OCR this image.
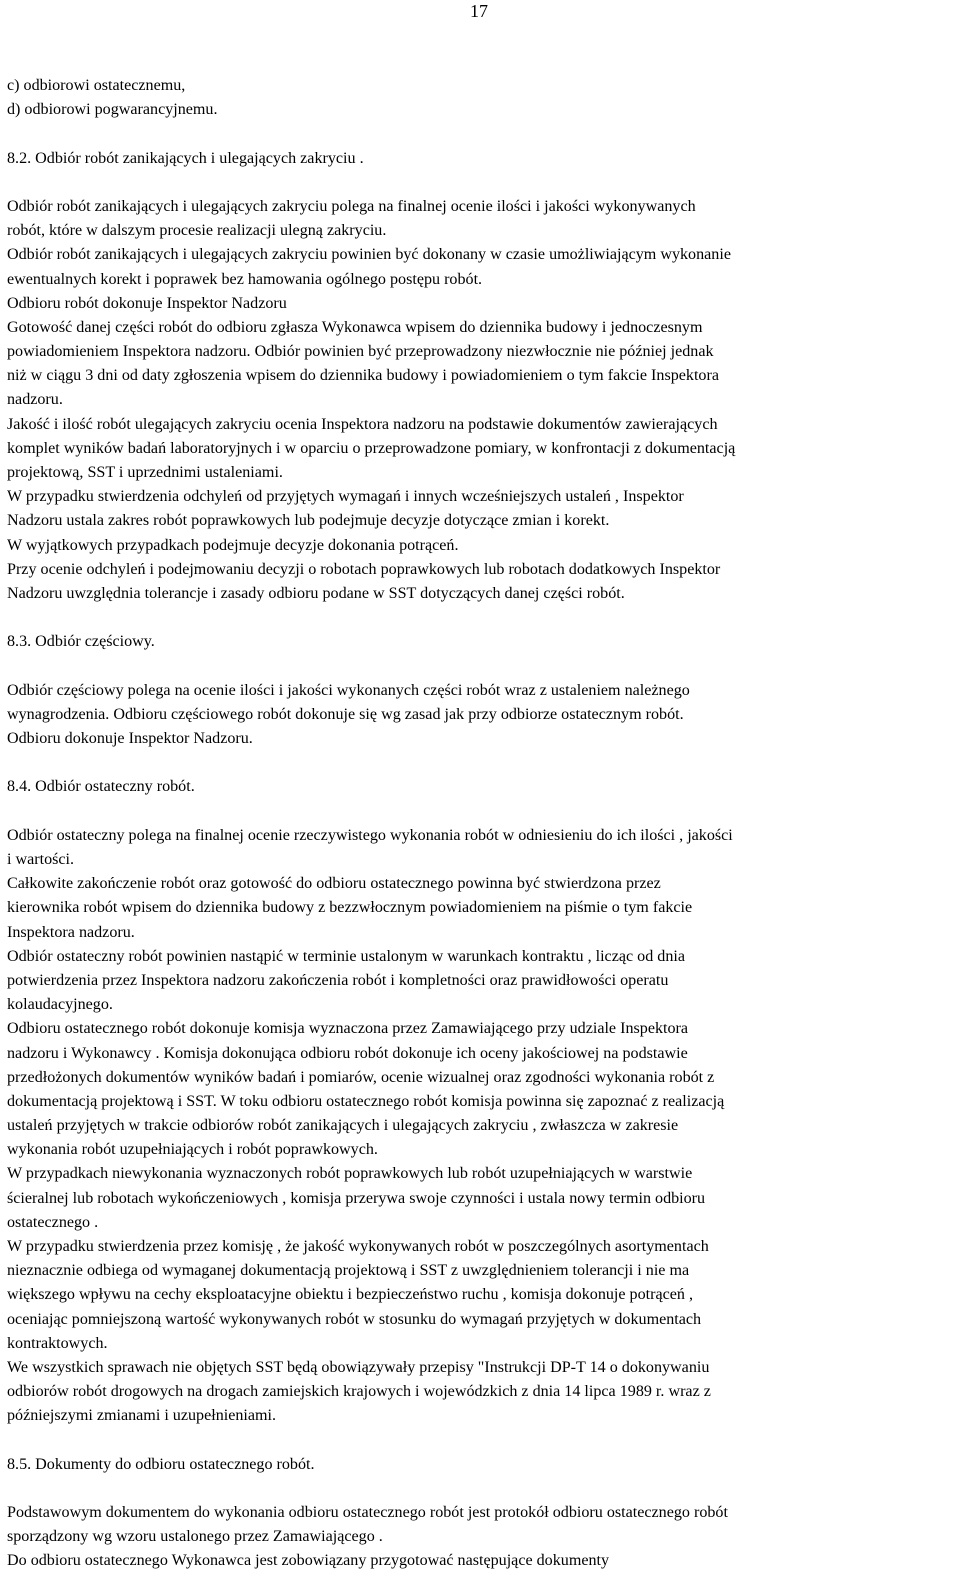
17
c) odbiorowi ostatecznemu,
d) odbiorowi pogwarancyjnemu.
8.2. Odbiór robót zanikających i ulegających zakryciu .
Odbiór robót zanikających i ulegających zakryciu polega na finalnej ocenie ilości i jakości wykonywanych
robót, które w dalszym procesie realizacji ulegną zakryciu.
Odbiór robót zanikających i ulegających zakryciu powinien być dokonany w czasie umożliwiającym wykonanie
ewentualnych korekt i poprawek bez hamowania ogólnego postępu robót.
Odbioru robót dokonuje Inspektor Nadzoru
Gotowość danej części robót do odbioru zgłasza Wykonawca wpisem do dziennika budowy i jednoczesnym
powiadomieniem Inspektora nadzoru. Odbiór powinien być przeprowadzony niezwłocznie nie później jednak
niż w ciągu 3 dni od daty zgłoszenia wpisem do dziennika budowy i powiadomieniem o tym fakcie Inspektora
nadzoru.
Jakość i ilość robót ulegających zakryciu ocenia Inspektora nadzoru na podstawie dokumentów zawierających
komplet wyników badań laboratoryjnych i w oparciu o przeprowadzone pomiary, w konfrontacji z dokumentacją
projektową, SST i uprzednimi ustaleniami.
W przypadku stwierdzenia odchyleń od przyjętych wymagań i innych wcześniejszych ustaleń , Inspektor
Nadzoru ustala zakres robót poprawkowych lub podejmuje decyzje dotyczące zmian i korekt.
W wyjątkowych przypadkach podejmuje decyzje dokonania potrąceń.
Przy ocenie odchyleń i podejmowaniu decyzji o robotach poprawkowych lub robotach dodatkowych Inspektor
Nadzoru uwzględnia tolerancje i zasady odbioru podane w SST dotyczących danej części robót.
8.3. Odbiór częściowy.
Odbiór częściowy polega na ocenie ilości i jakości wykonanych części robót wraz z ustaleniem należnego
wynagrodzenia. Odbioru częściowego robót dokonuje się wg zasad jak przy odbiorze ostatecznym robót.
Odbioru dokonuje Inspektor Nadzoru.
8.4. Odbiór ostateczny robót.
Odbiór ostateczny polega na finalnej ocenie rzeczywistego wykonania robót w odniesieniu do ich ilości , jakości
i wartości.
Całkowite zakończenie robót oraz gotowość do odbioru ostatecznego powinna być stwierdzona przez
kierownika robót wpisem do dziennika budowy z bezzwłocznym powiadomieniem na piśmie o tym fakcie
Inspektora nadzoru.
Odbiór ostateczny robót powinien nastąpić w terminie ustalonym w warunkach kontraktu , licząc od dnia
potwierdzenia przez Inspektora nadzoru zakończenia robót i kompletności oraz prawidłowości operatu
kolaudacyjnego.
Odbioru ostatecznego robót dokonuje komisja wyznaczona przez Zamawiającego przy udziale Inspektora
nadzoru i Wykonawcy . Komisja dokonująca odbioru robót dokonuje ich oceny jakościowej na podstawie
przedłożonych dokumentów wyników badań i pomiarów, ocenie wizualnej oraz zgodności wykonania robót z
dokumentacją projektową i SST. W toku odbioru ostatecznego robót komisja powinna się zapoznać z realizacją
ustaleń przyjętych w trakcie odbiorów robót zanikających i ulegających zakryciu , zwłaszcza w zakresie
wykonania robót uzupełniających i robót poprawkowych.
W przypadkach niewykonania wyznaczonych robót poprawkowych lub robót uzupełniających w warstwie
ścieralnej lub robotach wykończeniowych , komisja przerywa swoje czynności i ustala nowy termin odbioru
ostatecznego .
W przypadku stwierdzenia przez komisję , że jakość wykonywanych robót w poszczególnych asortymentach
nieznacznie odbiega od wymaganej dokumentacją projektową i SST z uwzględnieniem tolerancji i nie ma
większego wpływu na cechy eksploatacyjne obiektu i bezpieczeństwo ruchu , komisja dokonuje potrąceń ,
oceniając pomniejszoną wartość wykonywanych robót w stosunku do wymagań przyjętych w dokumentach
kontraktowych.
We wszystkich sprawach nie objętych SST będą obowiązywały przepisy "Instrukcji DP-T 14 o dokonywaniu
odbiorów robót drogowych na drogach zamiejskich krajowych i wojewódzkich z dnia 14 lipca 1989 r. wraz z
późniejszymi zmianami i uzupełnieniami.
8.5. Dokumenty do odbioru ostatecznego robót.
Podstawowym dokumentem do wykonania odbioru ostatecznego robót jest protokół odbioru ostatecznego robót
sporządzony wg wzoru ustalonego przez Zamawiającego .
Do odbioru ostatecznego Wykonawca jest zobowiązany przygotować następujące dokumenty
